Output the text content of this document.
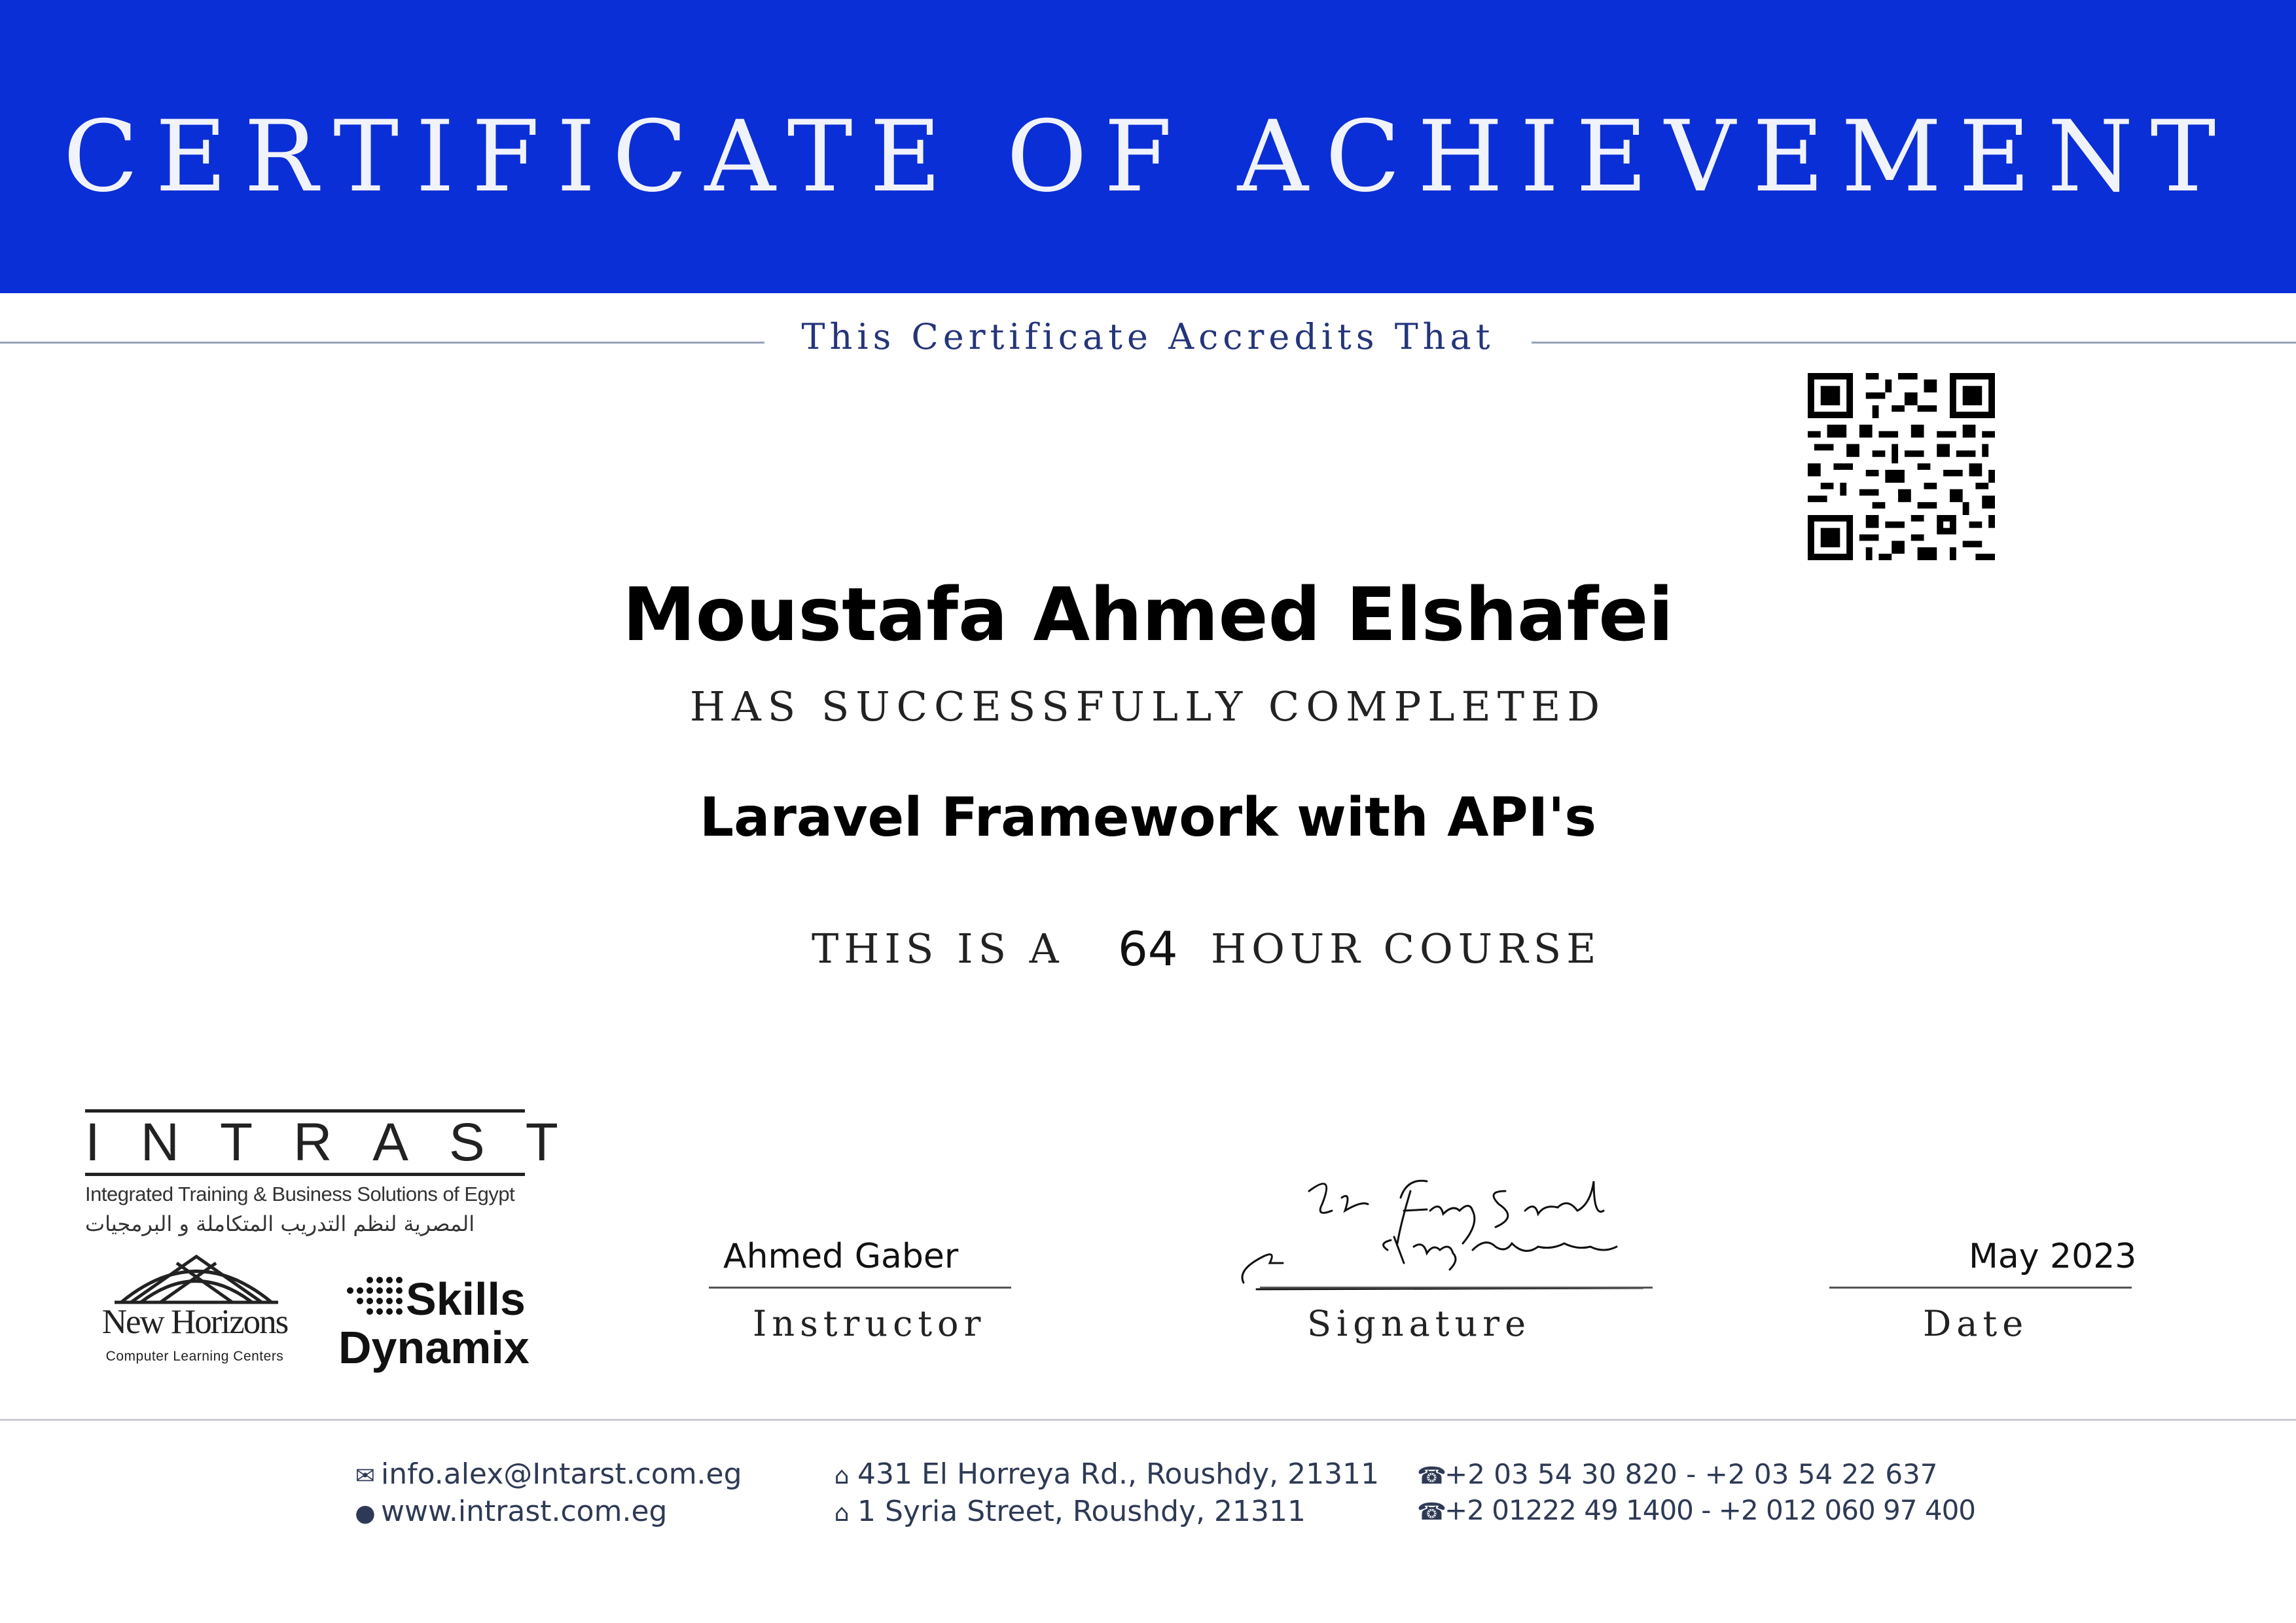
CERTIFICATE OF ACHIEVEMENT
This Certificate Accredits That
Moustafa Ahmed Elshafei
HAS SUCCESSFULLY COMPLETED
Laravel Framework with API's
THIS IS A 64 HOUR COURSE
INTRAST
Integrated Training & Business Solutions of Egypt
المصرية لنظم التدريب المتكاملة و البرمجيات
New Horizons
Computer Learning Centers
Skills
Dynamix
Ahmed Gaber
Instructor	Signature
May 2023
Date
✉ info.alex@Intarst.com.eg
● www.intrast.com.eg
⌂ 431 El Horreya Rd., Roushdy, 21311
⌂ 1 Syria Street, Roushdy, 21311
☎+2 03 54 30 820 - +2 03 54 22 637
☎+2 01222 49 1400 - +2 012 060 97 400
